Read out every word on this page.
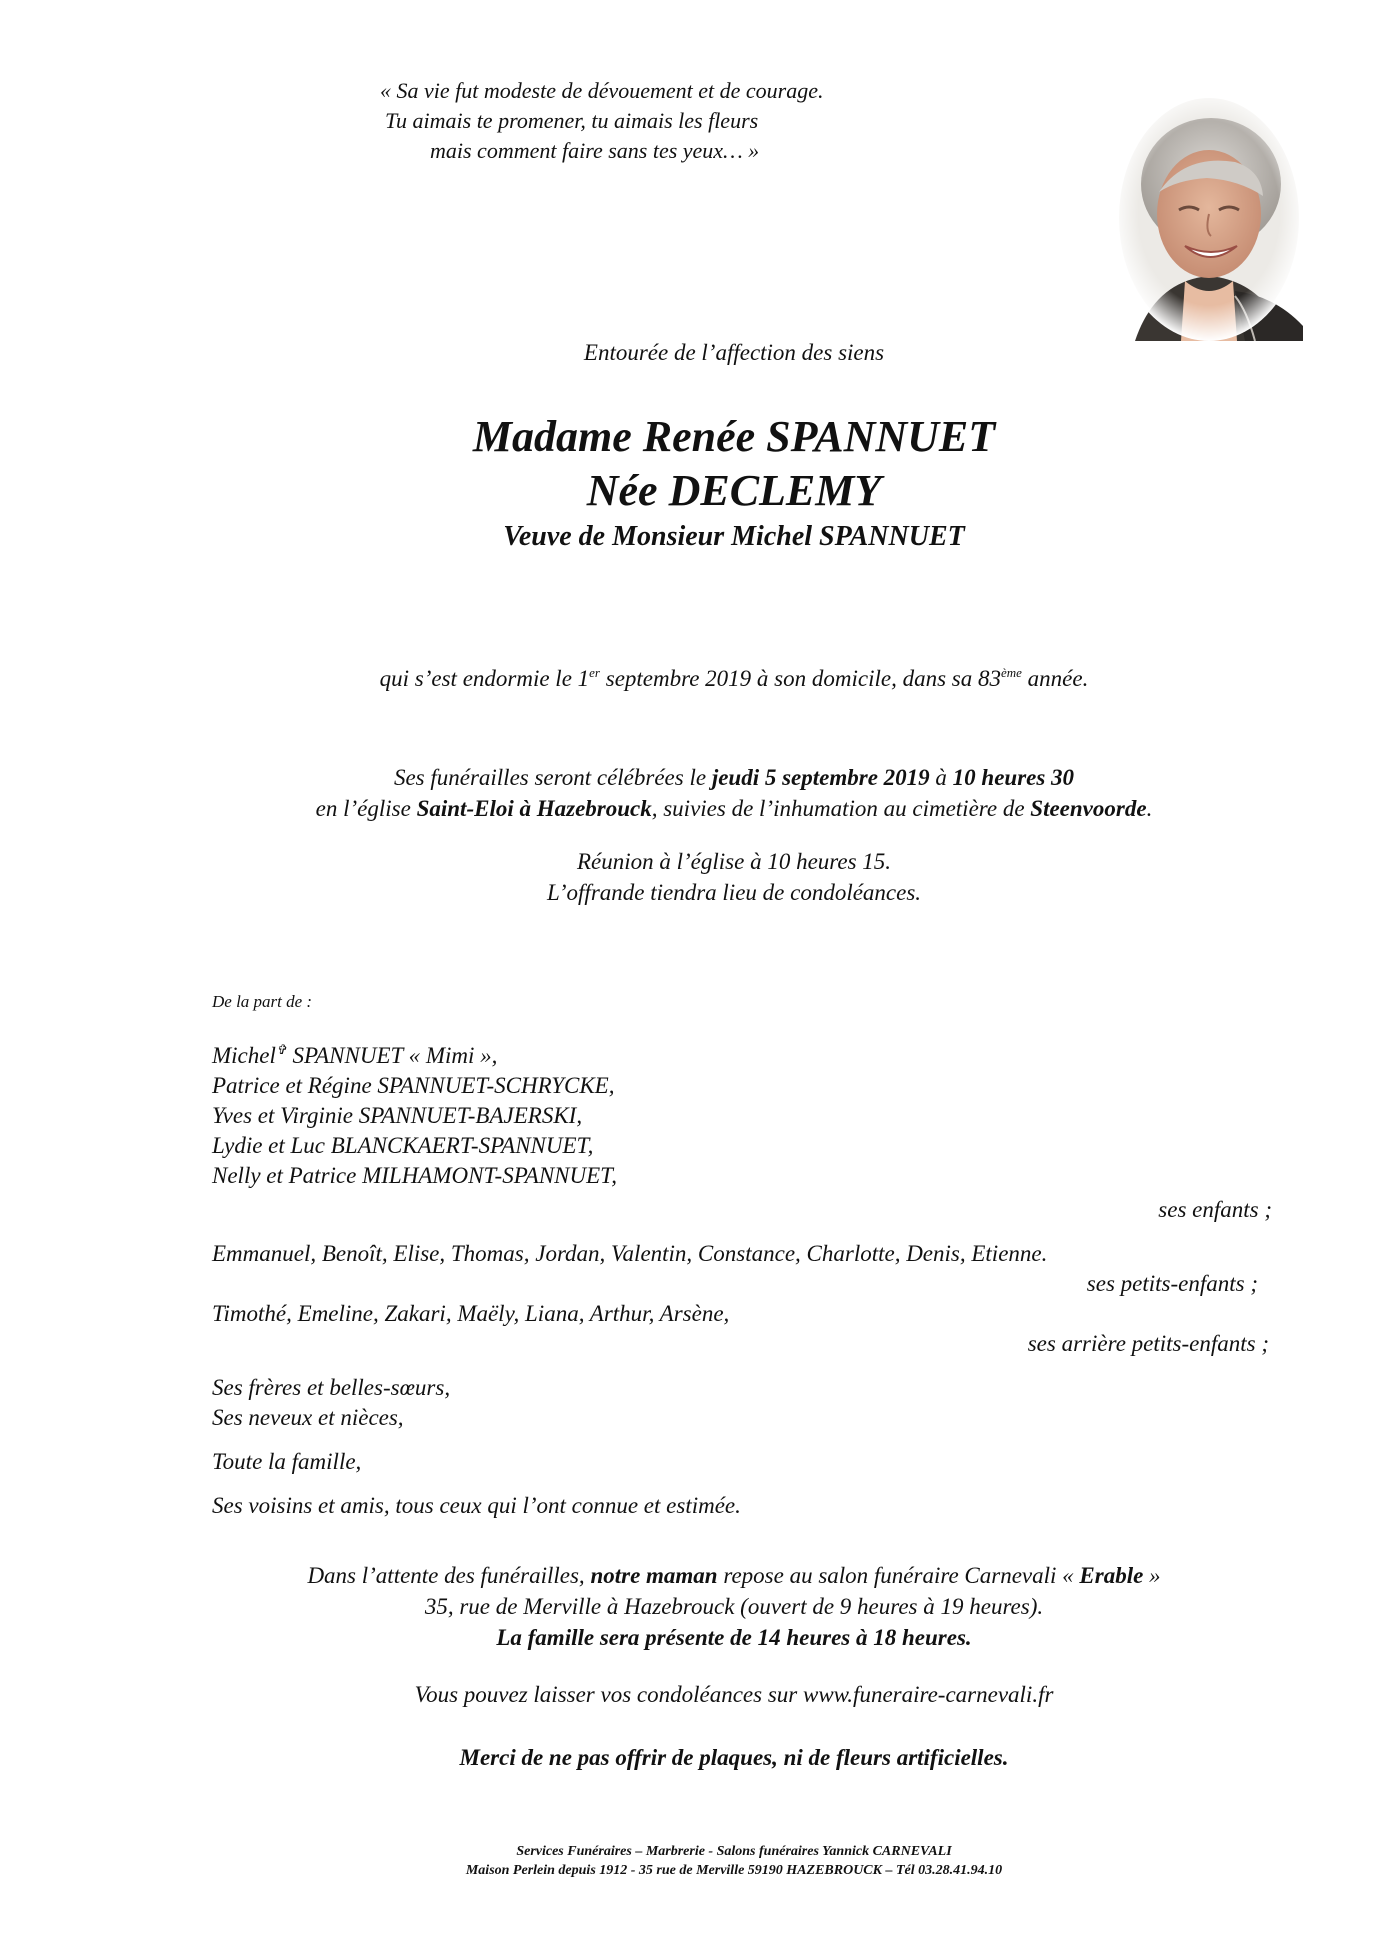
« Sa vie fut modeste de dévouement et de courage.
Tu aimais te promener, tu aimais les fleurs
mais comment faire sans tes yeux… »
Entourée de l’affection des siens
Madame Renée SPANNUET
Née DECLEMY
Veuve de Monsieur Michel SPANNUET
qui s’est endormie le 1er septembre 2019 à son domicile, dans sa 83ème année.
Ses funérailles seront célébrées le jeudi 5 septembre 2019 à 10 heures 30
en l’église Saint-Eloi à Hazebrouck, suivies de l’inhumation au cimetière de Steenvoorde.
Réunion à l’église à 10 heures 15.
L’offrande tiendra lieu de condoléances.
De la part de :
Michel✞ SPANNUET « Mimi »,
Patrice et Régine SPANNUET-SCHRYCKE,
Yves et Virginie SPANNUET-BAJERSKI,
Lydie et Luc BLANCKAERT-SPANNUET,
Nelly et Patrice MILHAMONT-SPANNUET,
ses enfants ;
Emmanuel, Benoît, Elise, Thomas, Jordan, Valentin, Constance, Charlotte, Denis, Etienne.
ses petits-enfants ;
Timothé, Emeline, Zakari, Maëly, Liana, Arthur, Arsène,
ses arrière petits-enfants ;
Ses frères et belles-sœurs,
Ses neveux et nièces,
Toute la famille,
Ses voisins et amis, tous ceux qui l’ont connue et estimée.
Dans l’attente des funérailles, notre maman repose au salon funéraire Carnevali « Erable »
35, rue de Merville à Hazebrouck (ouvert de 9 heures à 19 heures).
La famille sera présente de 14 heures à 18 heures.
Vous pouvez laisser vos condoléances sur www.funeraire-carnevali.fr
Merci de ne pas offrir de plaques, ni de fleurs artificielles.
Services Funéraires – Marbrerie - Salons funéraires Yannick CARNEVALI
Maison Perlein depuis 1912 - 35 rue de Merville 59190 HAZEBROUCK – Tél 03.28.41.94.10
